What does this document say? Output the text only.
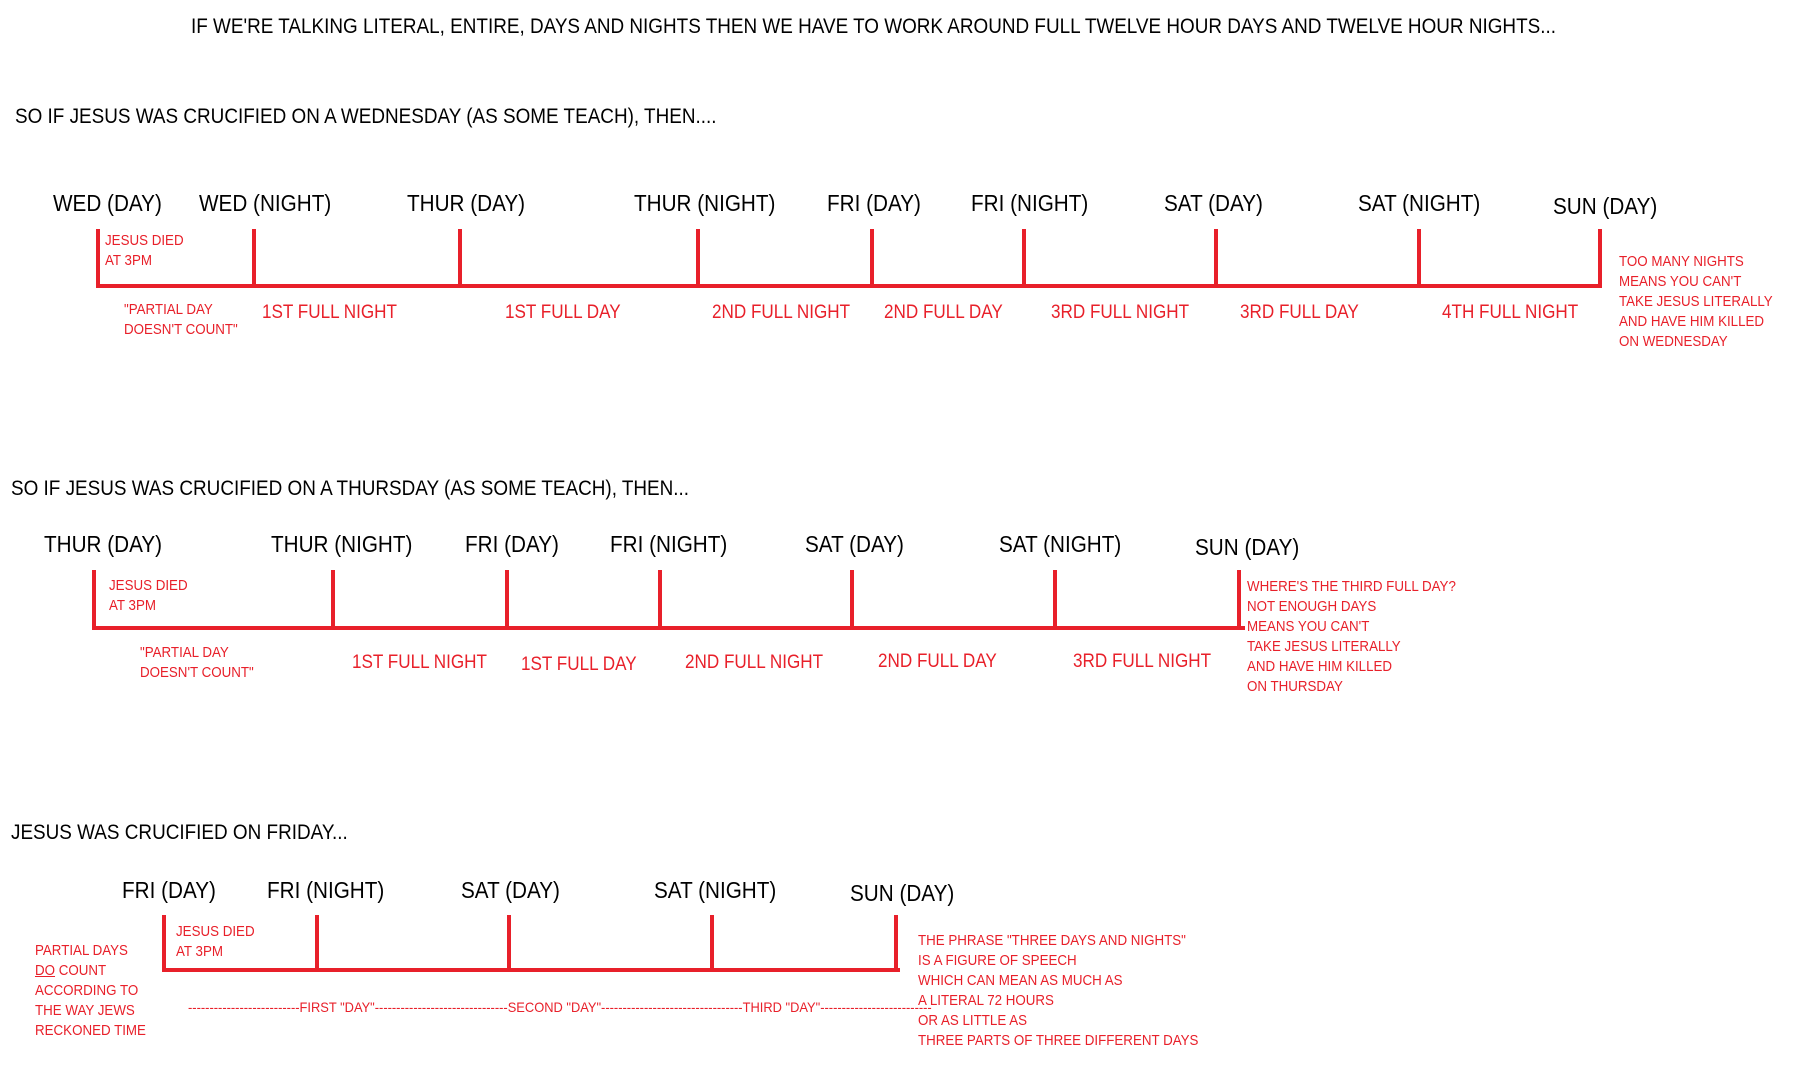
IF WE'RE TALKING LITERAL, ENTIRE, DAYS AND NIGHTS THEN WE HAVE TO WORK AROUND FULL TWELVE HOUR DAYS AND TWELVE HOUR NIGHTS...
SO IF JESUS WAS CRUCIFIED ON A WEDNESDAY (AS SOME TEACH), THEN....
WED (DAY) WED (NIGHT)	THUR (DAY)	THUR (NIGHT) FRI (DAY) FRI (NIGHT)	SAT (DAY)	SAT (NIGHT)	SUN (DAY)
JESUS DIED
AT 3PM
"PARTIAL DAY
DOESN'T COUNT"
1ST FULL NIGHT	1ST FULL DAY	2ND FULL NIGHT 2ND FULL DAY	3RD FULL NIGHT	3RD FULL DAY	4TH FULL NIGHT
TOO MANY NIGHTS
MEANS YOU CAN'T
TAKE JESUS LITERALLY
AND HAVE HIM KILLED
ON WEDNESDAY
SO IF JESUS WAS CRUCIFIED ON A THURSDAY (AS SOME TEACH), THEN...
THUR (DAY)	THUR (NIGHT) FRI (DAY) FRI (NIGHT)	SAT (DAY)	SAT (NIGHT)	SUN (DAY)
JESUS DIED
AT 3PM
"PARTIAL DAY
DOESN'T COUNT"	1ST FULL NIGHT 1ST FULL DAY	2ND FULL NIGHT	2ND FULL DAY	3RD FULL NIGHT
WHERE'S THE THIRD FULL DAY?
NOT ENOUGH DAYS
MEANS YOU CAN'T
TAKE JESUS LITERALLY
AND HAVE HIM KILLED
ON THURSDAY
JESUS WAS CRUCIFIED ON FRIDAY...
FRI (DAY) FRI (NIGHT)	SAT (DAY)	SAT (NIGHT)	SUN (DAY)
JESUS DIED
AT 3PM
PARTIAL DAYS
DO COUNT
ACCORDING TO
THE WAY JEWS
RECKONED TIME
--------------------------FIRST "DAY"-------------------------------SECOND "DAY"---------------------------------THIRD "DAY"--------------------------
THE PHRASE "THREE DAYS AND NIGHTS"
IS A FIGURE OF SPEECH
WHICH CAN MEAN AS MUCH AS
A LITERAL 72 HOURS
OR AS LITTLE AS
THREE PARTS OF THREE DIFFERENT DAYS
